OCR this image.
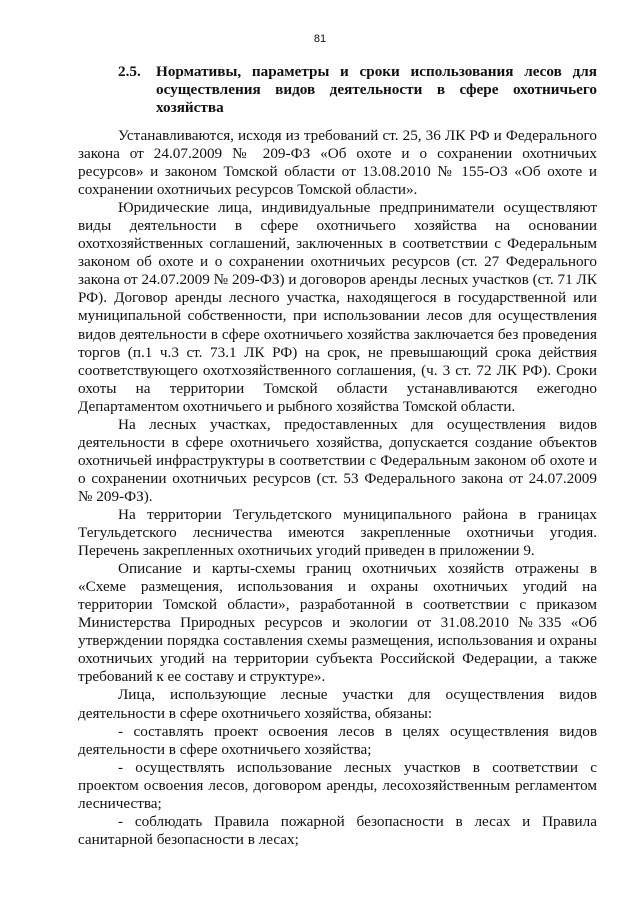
81
2.5.	Нормативы, параметры и сроки использования лесов для осуществления видов деятельности в сфере охотничьего хозяйства

Устанавливаются, исходя из требований ст. 25, 36 ЛК РФ и Федерального закона от 24.07.2009 № 209-ФЗ «Об охоте и о сохранении охотничьих ресурсов» и законом Томской области от 13.08.2010 № 155-ОЗ «Об охоте и сохранении охотничьих ресурсов Томской области».

Юридические лица, индивидуальные предприниматели осуществляют виды деятельности в сфере охотничьего хозяйства на основании охотхозяйственных соглашений, заключенных в соответствии с Федеральным законом об охоте и о сохранении охотничьих ресурсов (ст. 27 Федерального закона от 24.07.2009 № 209-ФЗ) и договоров аренды лесных участков (ст. 71 ЛК РФ). Договор аренды лесного участка, находящегося в государственной или муниципальной собственности, при использовании лесов для осуществления видов деятельности в сфере охотничьего хозяйства заключается без проведения торгов (п.1 ч.3 ст. 73.1 ЛК РФ) на срок, не превышающий срока действия соответствующего охотхозяйственного соглашения, (ч. 3 ст. 72 ЛК РФ). Сроки охоты на территории Томской области устанавливаются ежегодно Департаментом охотничьего и рыбного хозяйства Томской области.

На лесных участках, предоставленных для осуществления видов деятельности в сфере охотничьего хозяйства, допускается создание объектов охотничьей инфраструктуры в соответствии с Федеральным законом об охоте и о сохранении охотничьих ресурсов (ст. 53 Федерального закона от 24.07.2009 № 209-ФЗ).

На территории Тегульдетского муниципального района в границах Тегульдетского лесничества имеются закрепленные охотничьи угодия. Перечень закрепленных охотничьих угодий приведен в приложении 9.

Описание и карты-схемы границ охотничьих хозяйств отражены в «Схеме размещения, использования и охраны охотничьих угодий на территории Томской области», разработанной в соответствии с приказом Министерства Природных ресурсов и экологии от 31.08.2010 №335 «Об утверждении порядка составления схемы размещения, использования и охраны охотничьих угодий на территории субъекта Российской Федерации, а также требований к ее составу и структуре».

Лица, использующие лесные участки для осуществления видов деятельности в сфере охотничьего хозяйства, обязаны:

- составлять проект освоения лесов в целях осуществления видов деятельности в сфере охотничьего хозяйства;

- осуществлять использование лесных участков в соответствии с проектом освоения лесов, договором аренды, лесохозяйственным регламентом лесничества;

- соблюдать Правила пожарной безопасности в лесах и Правила санитарной безопасности в лесах;
